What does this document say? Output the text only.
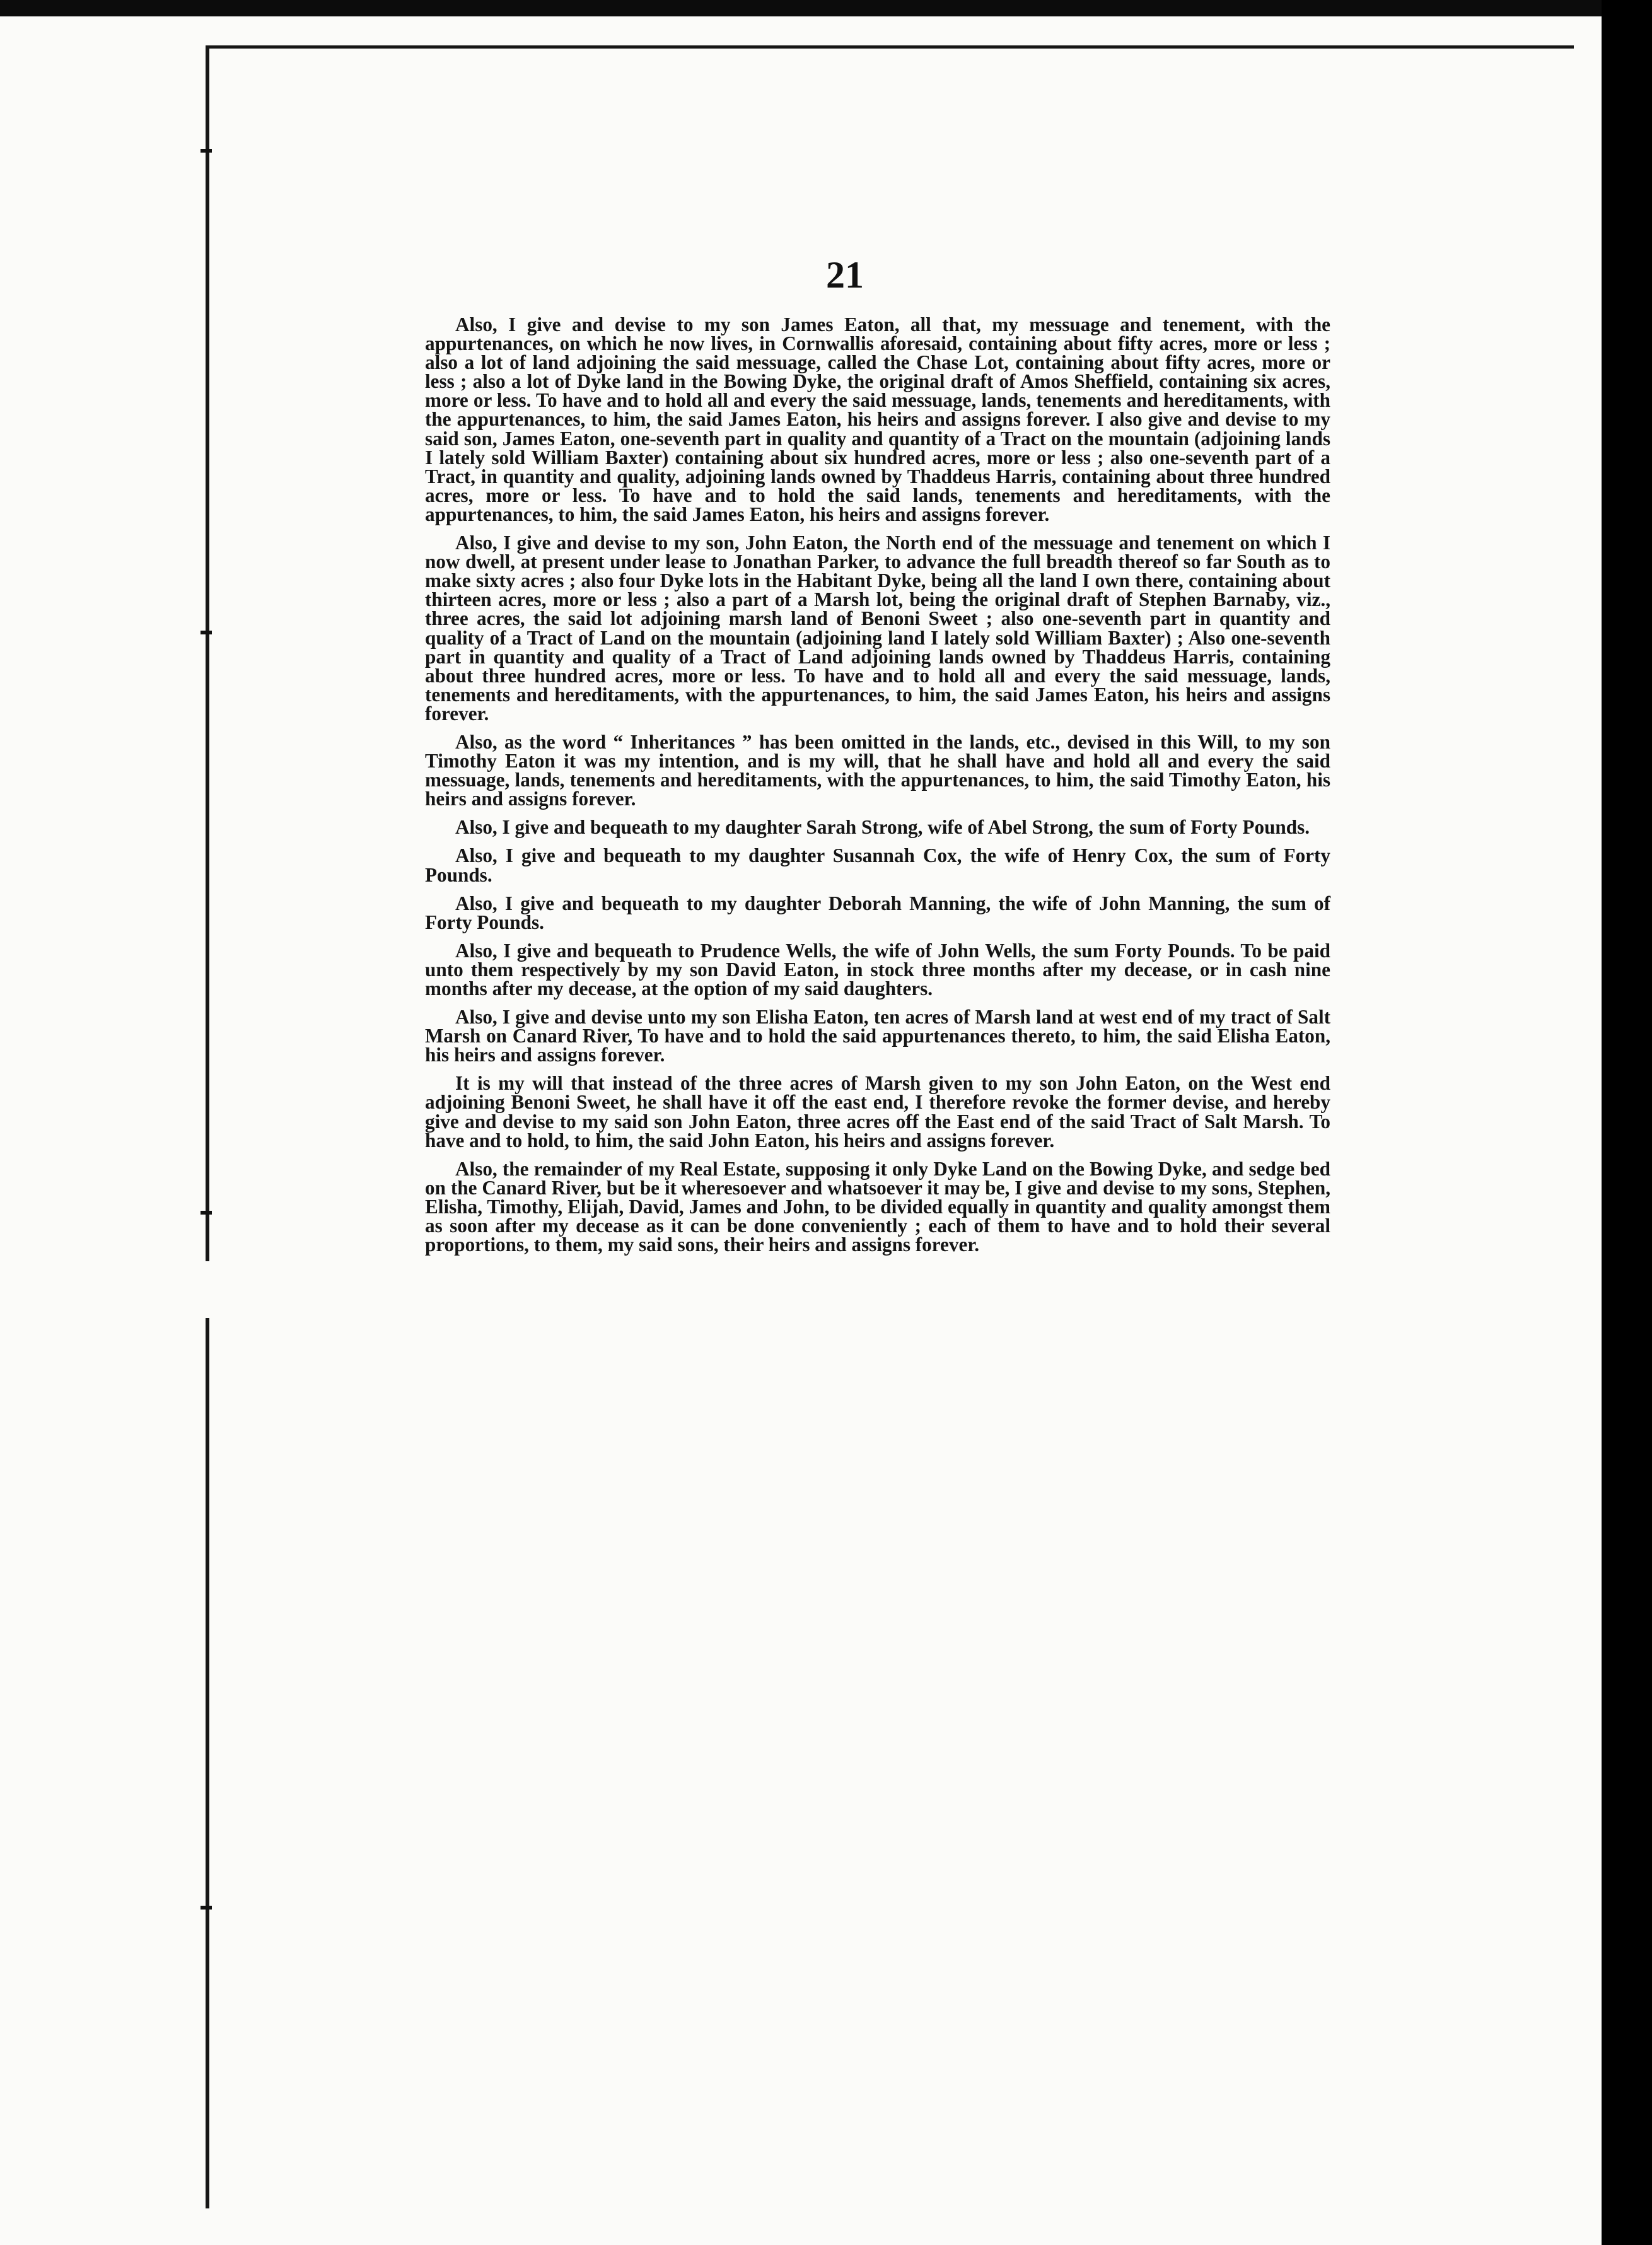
21

Also, I give and devise to my son James Eaton, all that, my messuage and tenement, with the appurtenances, on which he now lives, in Cornwallis aforesaid, containing about fifty acres, more or less ; also a lot of land adjoining the said messuage, called the Chase Lot, containing about fifty acres, more or less ; also a lot of Dyke land in the Bowing Dyke, the original draft of Amos Sheffield, containing six acres, more or less. To have and to hold all and every the said messuage, lands, tenements and hereditaments, with the appurtenances, to him, the said James Eaton, his heirs and assigns forever. I also give and devise to my said son, James Eaton, one-seventh part in quality and quantity of a Tract on the mountain (adjoining lands I lately sold William Baxter) containing about six hundred acres, more or less ; also one-seventh part of a Tract, in quantity and quality, adjoining lands owned by Thaddeus Harris, containing about three hundred acres, more or less. To have and to hold the said lands, tenements and hereditaments, with the appurtenances, to him, the said James Eaton, his heirs and assigns forever.

Also, I give and devise to my son, John Eaton, the North end of the messuage and tenement on which I now dwell, at present under lease to Jonathan Parker, to advance the full breadth thereof so far South as to make sixty acres ; also four Dyke lots in the Habitant Dyke, being all the land I own there, containing about thirteen acres, more or less ; also a part of a Marsh lot, being the original draft of Stephen Barnaby, viz., three acres, the said lot adjoining marsh land of Benoni Sweet ; also one-seventh part in quantity and quality of a Tract of Land on the mountain (adjoining land I lately sold William Baxter) ; Also one-seventh part in quantity and quality of a Tract of Land adjoining lands owned by Thaddeus Harris, containing about three hundred acres, more or less. To have and to hold all and every the said messuage, lands, tenements and hereditaments, with the appurtenances, to him, the said James Eaton, his heirs and assigns forever.

Also, as the word “ Inheritances ” has been omitted in the lands, etc., devised in this Will, to my son Timothy Eaton it was my intention, and is my will, that he shall have and hold all and every the said messuage, lands, tenements and hereditaments, with the appurtenances, to him, the said Timothy Eaton, his heirs and assigns forever.

Also, I give and bequeath to my daughter Sarah Strong, wife of Abel Strong, the sum of Forty Pounds.

Also, I give and bequeath to my daughter Susannah Cox, the wife of Henry Cox, the sum of Forty Pounds.

Also, I give and bequeath to my daughter Deborah Manning, the wife of John Manning, the sum of Forty Pounds.

Also, I give and bequeath to Prudence Wells, the wife of John Wells, the sum Forty Pounds. To be paid unto them respectively by my son David Eaton, in stock three months after my decease, or in cash nine months after my decease, at the option of my said daughters.

Also, I give and devise unto my son Elisha Eaton, ten acres of Marsh land at west end of my tract of Salt Marsh on Canard River, To have and to hold the said appurtenances thereto, to him, the said Elisha Eaton, his heirs and assigns forever.

It is my will that instead of the three acres of Marsh given to my son John Eaton, on the West end adjoining Benoni Sweet, he shall have it off the east end, I therefore revoke the former devise, and hereby give and devise to my said son John Eaton, three acres off the East end of the said Tract of Salt Marsh. To have and to hold, to him, the said John Eaton, his heirs and assigns forever.

Also, the remainder of my Real Estate, supposing it only Dyke Land on the Bowing Dyke, and sedge bed on the Canard River, but be it wheresoever and whatsoever it may be, I give and devise to my sons, Stephen, Elisha, Timothy, Elijah, David, James and John, to be divided equally in quantity and quality amongst them as soon after my decease as it can be done conveniently ; each of them to have and to hold their several proportions, to them, my said sons, their heirs and assigns forever.
